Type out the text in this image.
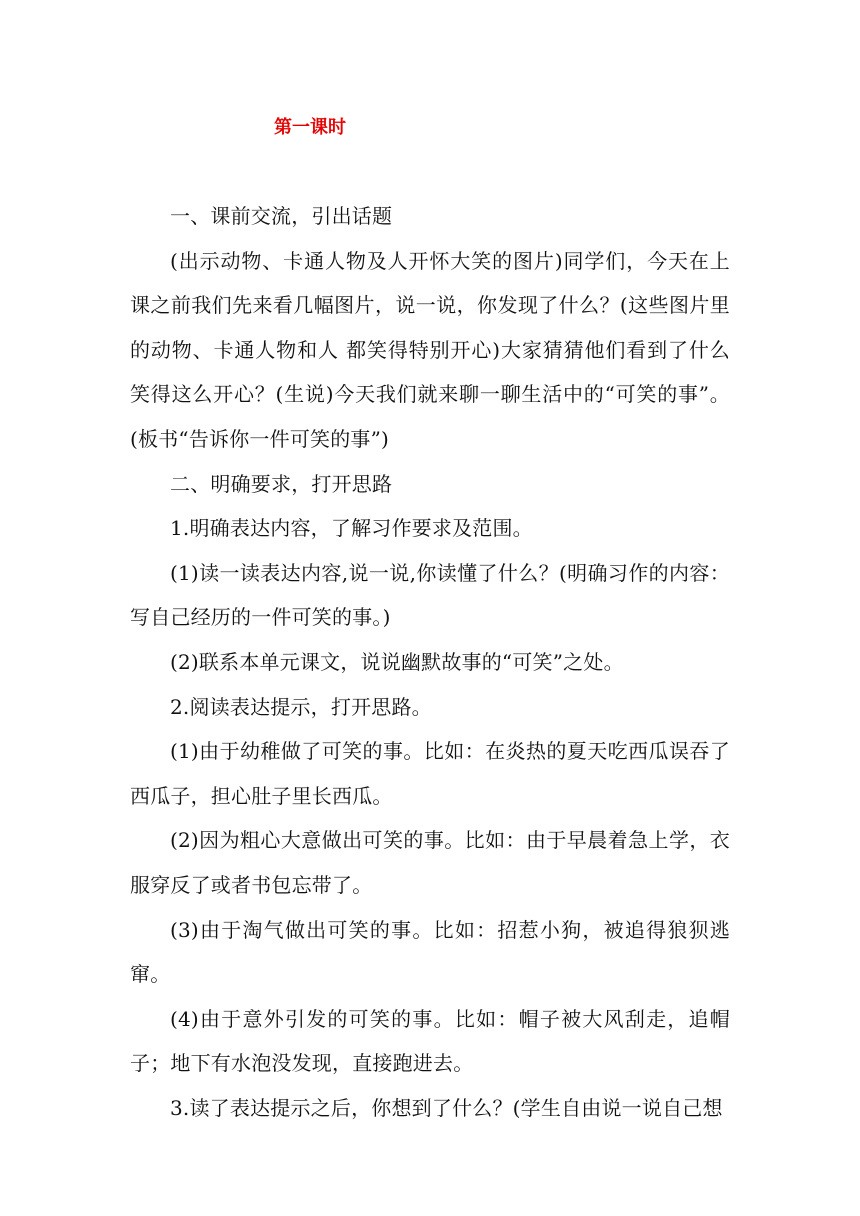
第一课时

一、课前交流，引出话题

(出示动物、卡通人物及人开怀大笑的图片)同学们，今天在上课之前我们先来看几幅图片，说一说，你发现了什么？(这些图片里的动物、卡通人物和人 都笑得特别开心)大家猜猜他们看到了什么笑得这么开心？(生说)今天我们就来聊一聊生活中的“可笑的事”。(板书“告诉你一件可笑的事”)

二、明确要求，打开思路

1.明确表达内容，了解习作要求及范围。

(1)读一读表达内容,说一说,你读懂了什么？(明确习作的内容：写自己经历的一件可笑的事。)

(2)联系本单元课文，说说幽默故事的“可笑”之处。

2.阅读表达提示，打开思路。

(1)由于幼稚做了可笑的事。比如：在炎热的夏天吃西瓜误吞了西瓜子，担心肚子里长西瓜。

(2)因为粗心大意做出可笑的事。比如：由于早晨着急上学，衣服穿反了或者书包忘带了。

(3)由于淘气做出可笑的事。比如：招惹小狗，被追得狼狈逃窜。

(4)由于意外引发的可笑的事。比如：帽子被大风刮走，追帽子；地下有水泡没发现，直接跑进去。

3.读了表达提示之后，你想到了什么？(学生自由说一说自己想
